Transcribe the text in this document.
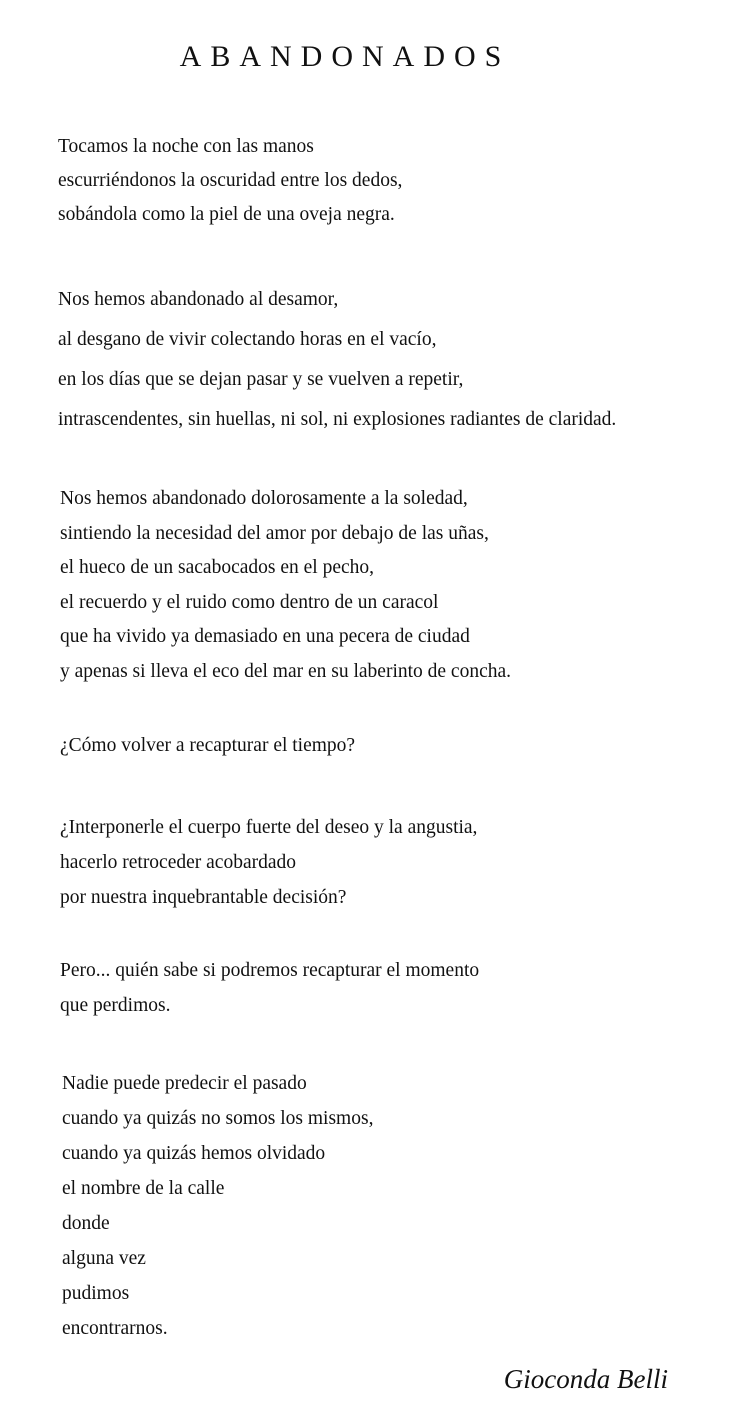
ABANDONADOS
Tocamos la noche con las manos
escurriéndonos la oscuridad entre los dedos,
sobándola como la piel de una oveja negra.
Nos hemos abandonado al desamor,
al desgano de vivir colectando horas en el vacío,
en los días que se dejan pasar y se vuelven a repetir,
intrascendentes, sin huellas, ni sol, ni explosiones radiantes de claridad.
Nos hemos abandonado dolorosamente a la soledad,
sintiendo la necesidad del amor por debajo de las uñas,
el hueco de un sacabocados en el pecho,
el recuerdo y el ruido como dentro de un caracol
que ha vivido ya demasiado en una pecera de ciudad
y apenas si lleva el eco del mar en su laberinto de concha.
¿Cómo volver a recapturar el tiempo?
¿Interponerle el cuerpo fuerte del deseo y la angustia,
hacerlo retroceder acobardado
por nuestra inquebrantable decisión?
Pero... quién sabe si podremos recapturar el momento
que perdimos.
Nadie puede predecir el pasado
cuando ya quizás no somos los mismos,
cuando ya quizás hemos olvidado
el nombre de la calle
donde
alguna vez
pudimos
encontrarnos.

Gioconda Belli
